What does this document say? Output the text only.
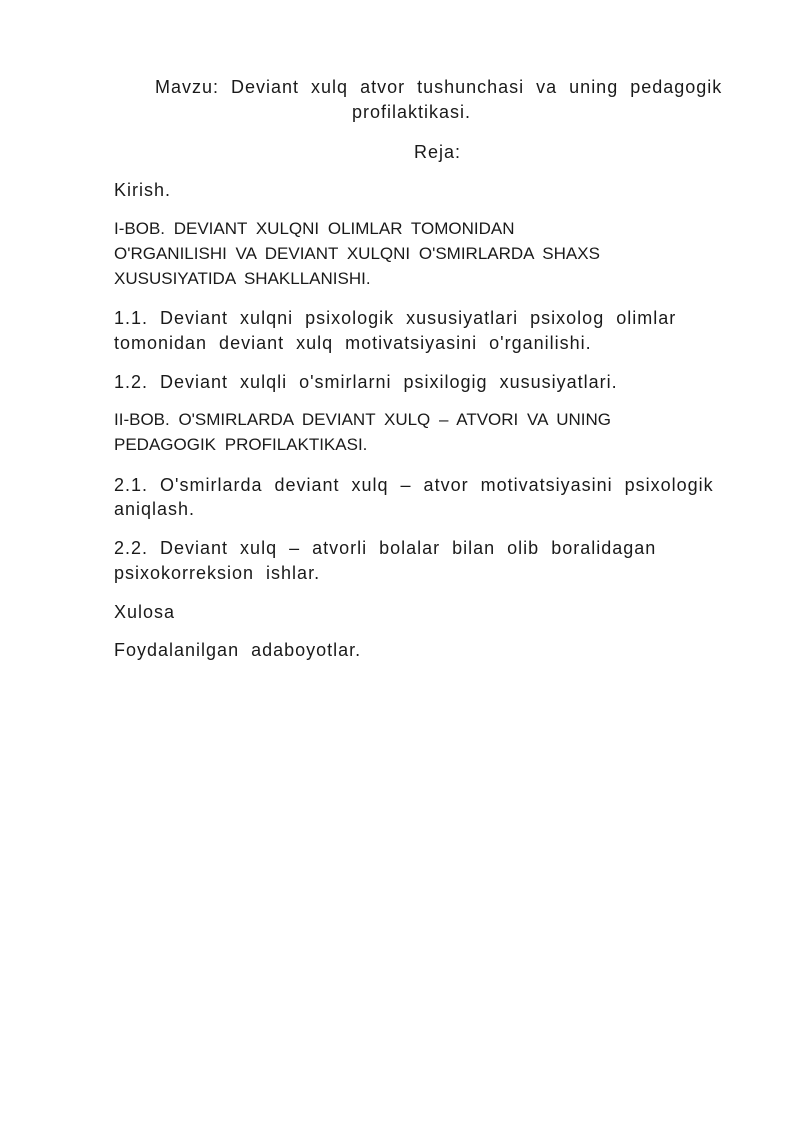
Mavzu: Deviant xulq atvor tushunchasi va uning pedagogik
profilaktikasi.
Reja:
Kirish.
I-BOB. DEVIANT XULQNI OLIMLAR TOMONIDAN
O'RGANILISHI VA DEVIANT XULQNI O'SMIRLARDA SHAXS
XUSUSIYATIDA SHAKLLANISHI.
1.1. Deviant xulqni psixologik xususiyatlari psixolog olimlar
tomonidan deviant xulq motivatsiyasini o'rganilishi.
1.2. Deviant xulqli o'smirlarni psixilogig xususiyatlari.
II-BOB. O'SMIRLARDA DEVIANT XULQ – ATVORI VA UNING
PEDAGOGIK PROFILAKTIKASI.
2.1. O'smirlarda deviant xulq – atvor motivatsiyasini psixologik
aniqlash.
2.2. Deviant xulq – atvorli bolalar bilan olib boralidagan
psixokorreksion ishlar.
Xulosa
Foydalanilgan adaboyotlar.
